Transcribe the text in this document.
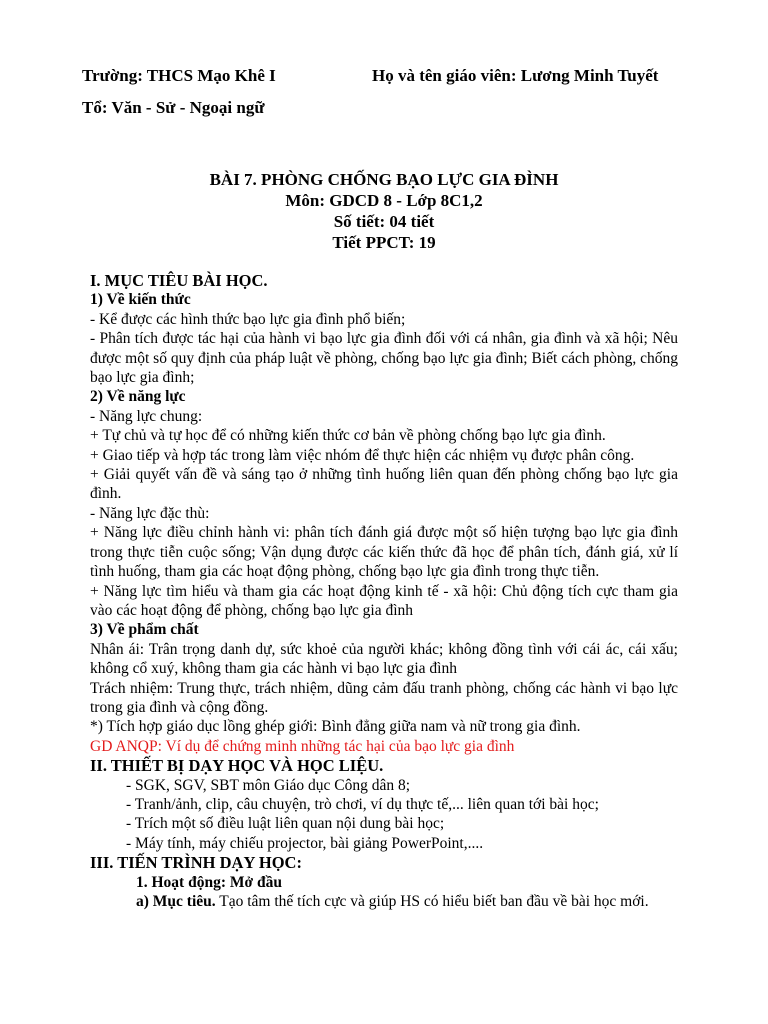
Trường: THCS Mạo Khê I	Họ và tên giáo viên: Lương Minh Tuyết
Tổ: Văn - Sử - Ngoại ngữ
BÀI 7. PHÒNG CHỐNG BẠO LỰC GIA ĐÌNH
Môn: GDCD 8 - Lớp 8C1,2
Số tiết: 04 tiết
Tiết PPCT: 19

I. MỤC TIÊU BÀI HỌC.

1) Về kiến thức

- Kể được các hình thức bạo lực gia đình phổ biến;

- Phân tích được tác hại của hành vi bạo lực gia đình đối với cá nhân, gia đình và xã hội; Nêu được một số quy định của pháp luật về phòng, chống bạo lực gia đình; Biết cách phòng, chống bạo lực gia đình;

2) Về năng lực

- Năng lực chung:

+ Tự chủ và tự học để có những kiến thức cơ bản về phòng chống bạo lực gia đình.

+ Giao tiếp và hợp tác trong làm việc nhóm để thực hiện các nhiệm vụ được phân công.

+ Giải quyết vấn đề và sáng tạo ở những tình huống liên quan đến phòng chống bạo lực gia đình.

- Năng lực đặc thù:

+ Năng lực điều chỉnh hành vi: phân tích đánh giá được một số hiện tượng bạo lực gia đình trong thực tiễn cuộc sống; Vận dụng được các kiến thức đã học để phân tích, đánh giá, xử lí tình huống, tham gia các hoạt động phòng, chống bạo lực gia đình trong thực tiễn.

+ Năng lực tìm hiểu và tham gia các hoạt động kinh tế - xã hội: Chủ động tích cực tham gia vào các hoạt động để phòng, chống bạo lực gia đình

3) Về phẩm chất

Nhân ái: Trân trọng danh dự, sức khoẻ của người khác; không đồng tình với cái ác, cái xấu; không cổ xuý, không tham gia các hành vi bạo lực gia đình

Trách nhiệm: Trung thực, trách nhiệm, dũng cảm đấu tranh phòng, chống các hành vi bạo lực trong gia đình và cộng đồng.

*) Tích hợp giáo dục lồng ghép giới: Bình đẳng giữa nam và nữ trong gia đình.

GD ANQP: Ví dụ để chứng minh những tác hại của bạo lực gia đình

II. THIẾT BỊ DẠY HỌC VÀ HỌC LIỆU.

- SGK, SGV, SBT môn Giáo dục Công dân 8;

- Tranh/ảnh, clip, câu chuyện, trò chơi, ví dụ thực tế,... liên quan tới bài học;

- Trích một số điều luật liên quan nội dung bài học;

- Máy tính, máy chiếu projector, bài giảng PowerPoint,....

III. TIẾN TRÌNH DẠY HỌC:

1. Hoạt động: Mở đầu

a) Mục tiêu. Tạo tâm thế tích cực và giúp HS có hiểu biết ban đầu về bài học mới.
